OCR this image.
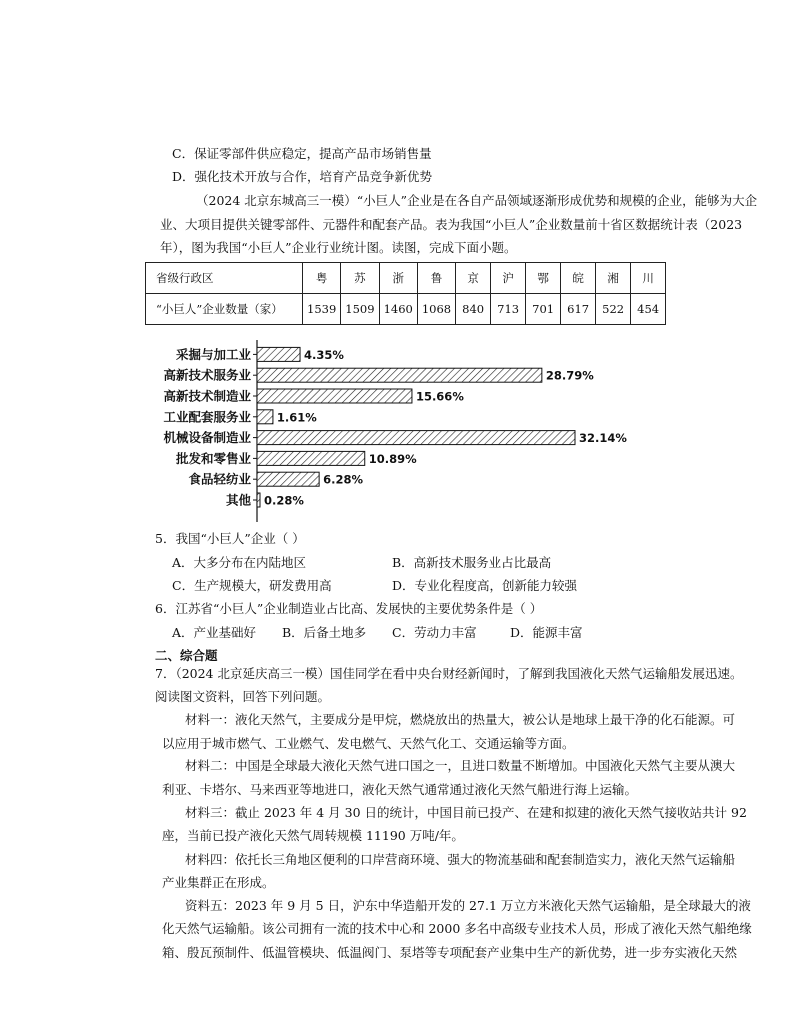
C．保证零部件供应稳定，提高产品市场销售量
D．强化技术开放与合作，培育产品竞争新优势
（2024 北京东城高三一模）“小巨人”企业是在各自产品领域逐渐形成优势和规模的企业，能够为大企
业、大项目提供关键零部件、元器件和配套产品。表为我国“小巨人”企业数量前十省区数据统计表（2023
年），图为我国“小巨人”企业行业统计图。读图，完成下面小题。
省级行政区	粤	苏	浙	鲁	京	沪	鄂	皖	湘	川
“小巨人”企业数量（家）	1539	1509	1460	1068	840	713	701	617	522	454
采掘与加工业	4.35%
高新技术服务业	28.79%
高新技术制造业	15.66%
工业配套服务业 1.61%
机械设备制造业	32.14%
批发和零售业	10.89%
食品轻纺业	6.28%
其他 0.28%
5．我国“小巨人”企业（ ）
A．大多分布在内陆地区	B．高新技术服务业占比最高
C．生产规模大，研发费用高	D．专业化程度高，创新能力较强
6．江苏省“小巨人”企业制造业占比高、发展快的主要优势条件是（ ）
A．产业基础好 B．后备土地多 C．劳动力丰富	D．能源丰富
二、综合题
7．（2024 北京延庆高三一模）国佳同学在看中央台财经新闻时，了解到我国液化天然气运输船发展迅速。
阅读图文资料，回答下列问题。
材料一：液化天然气，主要成分是甲烷，燃烧放出的热量大，被公认是地球上最干净的化石能源。可
以应用于城市燃气、工业燃气、发电燃气、天然气化工、交通运输等方面。
材料二：中国是全球最大液化天然气进口国之一，且进口数量不断增加。中国液化天然气主要从澳大
利亚、卡塔尔、马来西亚等地进口，液化天然气通常通过液化天然气船进行海上运输。
材料三：截止 2023 年 4 月 30 日的统计，中国目前已投产、在建和拟建的液化天然气接收站共计 92
座，当前已投产液化天然气周转规模 11190 万吨/年。
材料四：依托长三角地区便利的口岸营商环境、强大的物流基础和配套制造实力，液化天然气运输船
产业集群正在形成。
资料五：2023 年 9 月 5 日，沪东中华造船开发的 27.1 万立方米液化天然气运输船，是全球最大的液
化天然气运输船。该公司拥有一流的技术中心和 2000 多名中高级专业技术人员，形成了液化天然气船绝缘
箱、殷瓦预制件、低温管模块、低温阀门、泵塔等专项配套产业集中生产的新优势，进一步夯实液化天然
